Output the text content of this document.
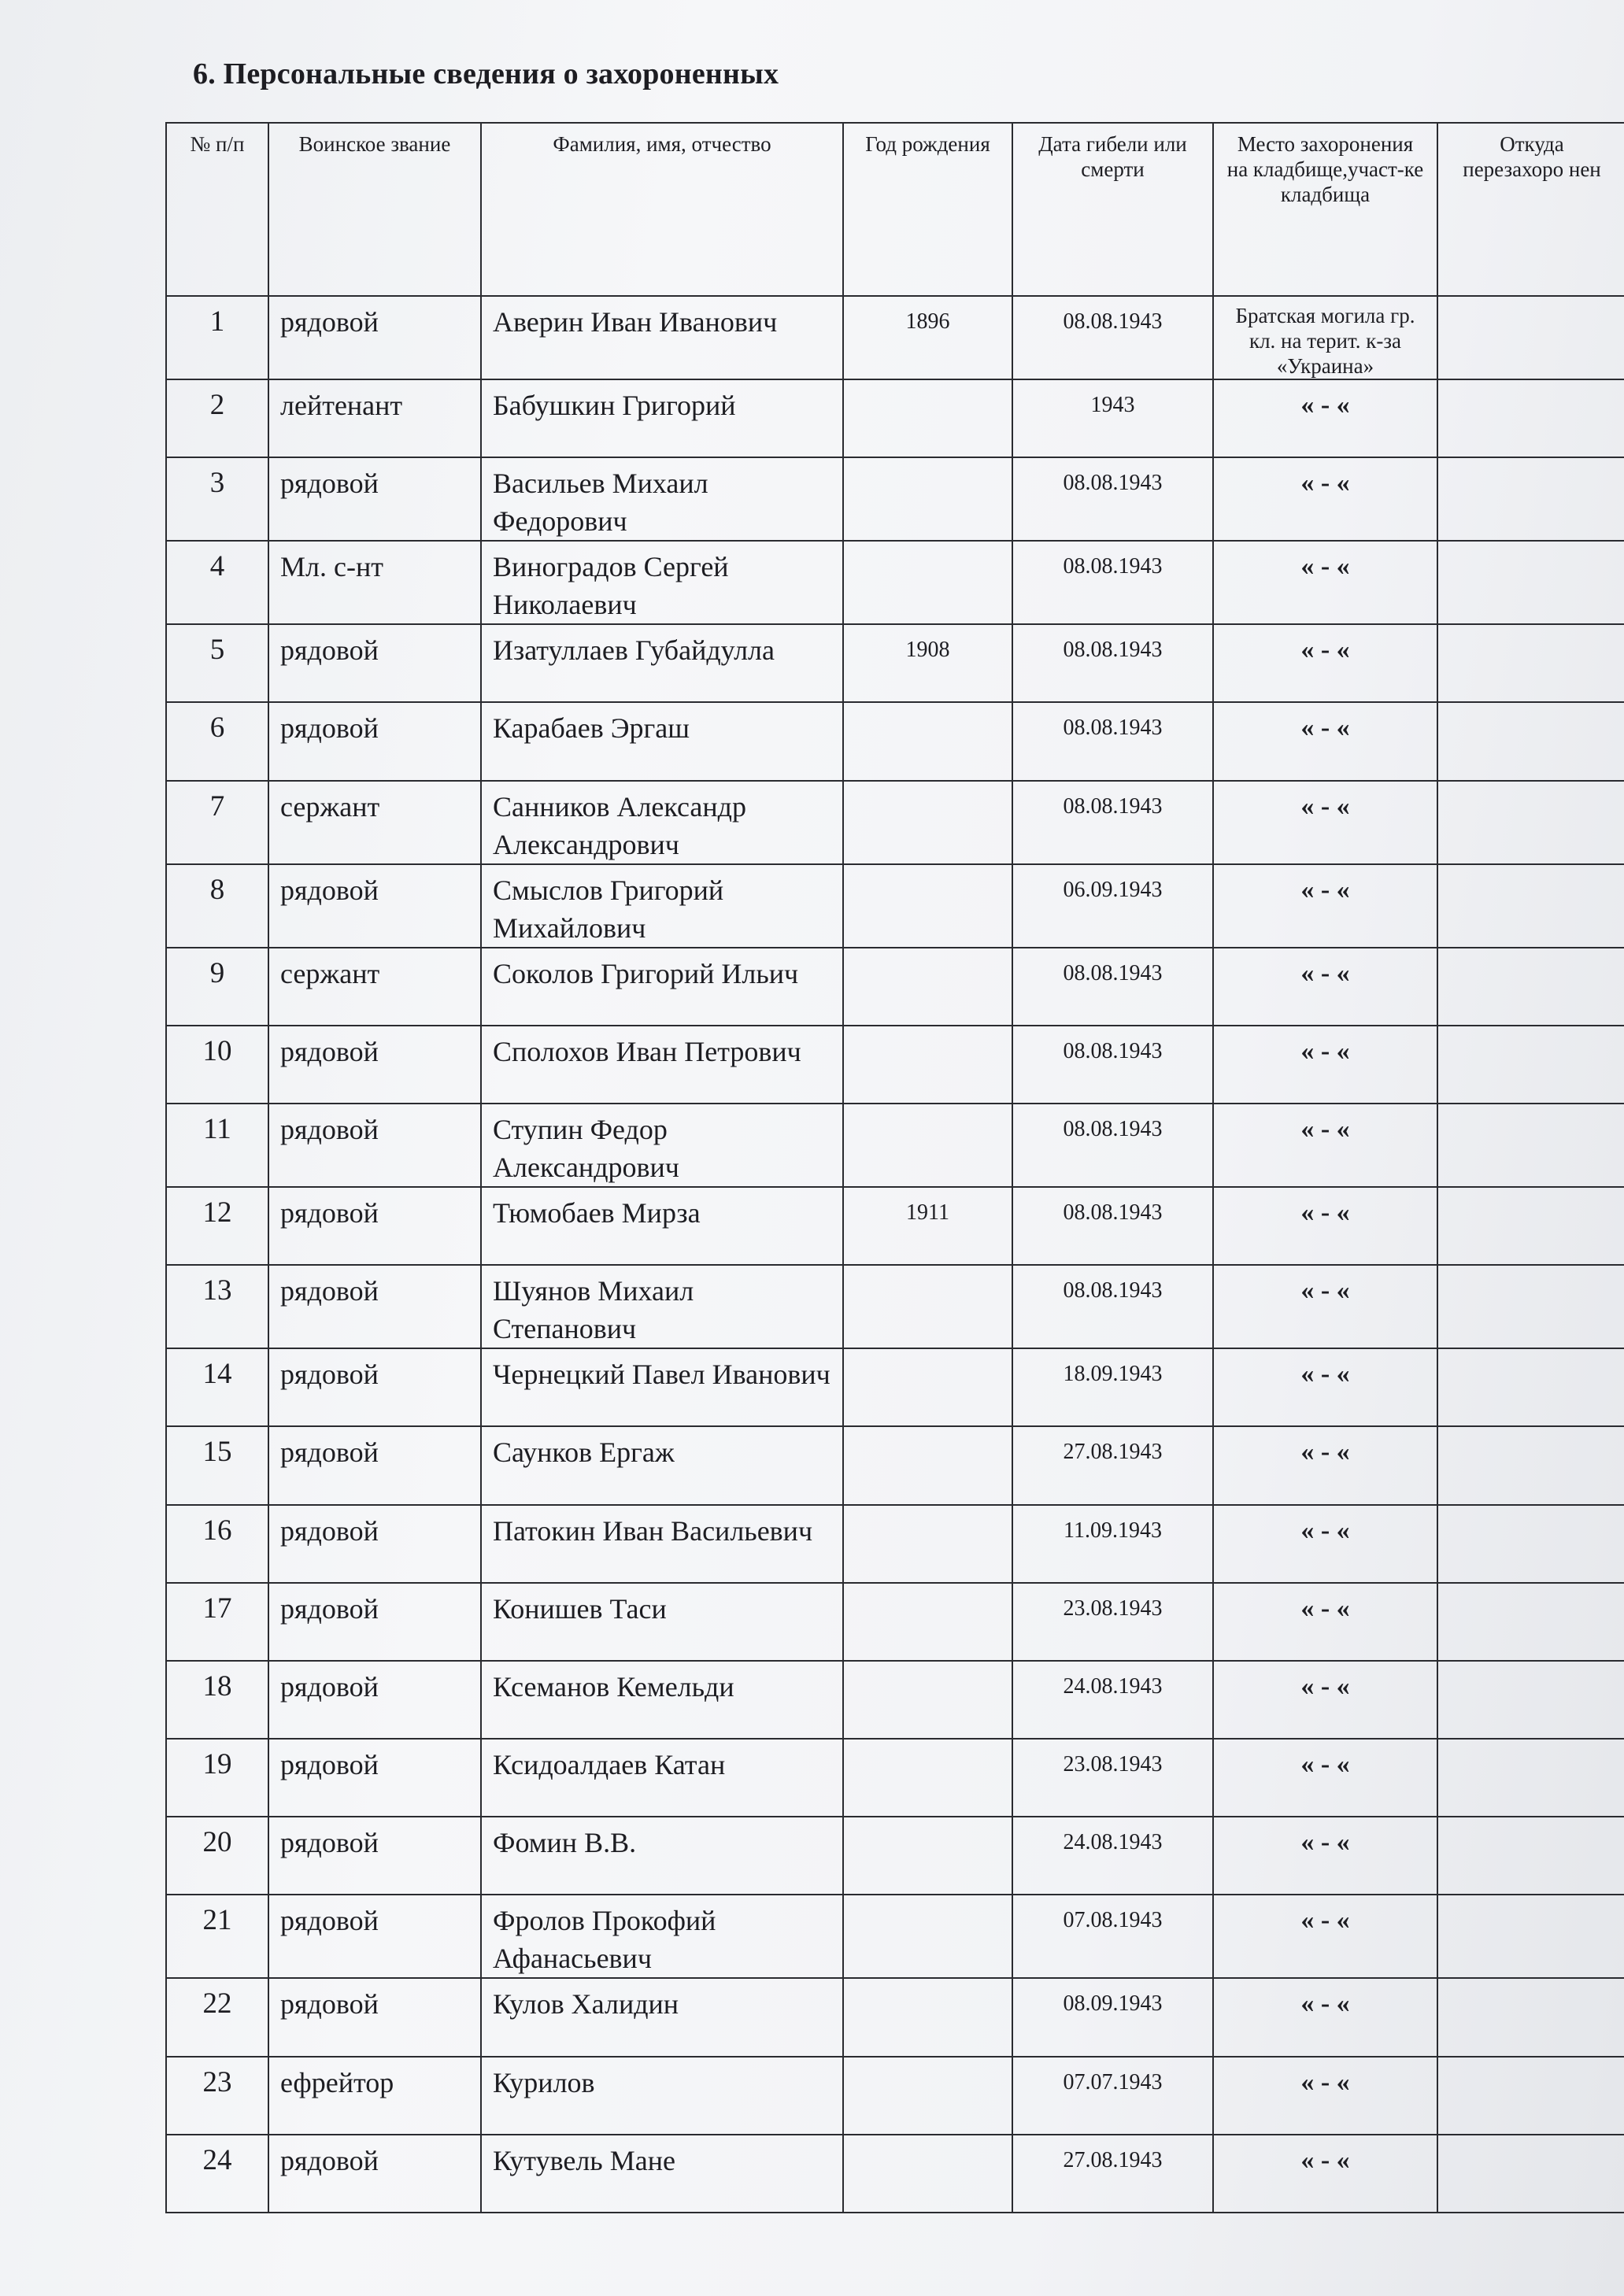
6. Персональные сведения о захороненных
№ п/п	Воинское звание	Фамилия, имя, отчество	Год рождения	Дата гибели или смерти	Место захоронения на кладбище,участ-ке кладбища	Откуда перезахоро нен
1	рядовой	Аверин Иван Иванович	1896	08.08.1943	Братская могила гр. кл. на терит. к-за «Украина»	
2	лейтенант	Бабушкин Григорий		1943	« - «	
3	рядовой	Васильев Михаил Федорович		08.08.1943	« - «	
4	Мл. с-нт	Виноградов Сергей Николаевич		08.08.1943	« - «	
5	рядовой	Изатуллаев Губайдулла	1908	08.08.1943	« - «	
6	рядовой	Карабаев Эргаш		08.08.1943	« - «	
7	сержант	Санников Александр Александрович		08.08.1943	« - «	
8	рядовой	Смыслов Григорий Михайлович		06.09.1943	« - «	
9	сержант	Соколов Григорий Ильич		08.08.1943	« - «	
10	рядовой	Сполохов Иван Петрович		08.08.1943	« - «	
11	рядовой	Ступин Федор Александрович		08.08.1943	« - «	
12	рядовой	Тюмобаев Мирза	1911	08.08.1943	« - «	
13	рядовой	Шуянов Михаил Степанович		08.08.1943	« - «	
14	рядовой	Чернецкий Павел Иванович		18.09.1943	« - «	
15	рядовой	Саунков Ергаж		27.08.1943	« - «	
16	рядовой	Патокин Иван Васильевич		11.09.1943	« - «	
17	рядовой	Конишев Таси		23.08.1943	« - «	
18	рядовой	Ксеманов Кемельди		24.08.1943	« - «	
19	рядовой	Ксидоалдаев Катан		23.08.1943	« - «	
20	рядовой	Фомин В.В.		24.08.1943	« - «	
21	рядовой	Фролов Прокофий Афанасьевич		07.08.1943	« - «	
22	рядовой	Кулов Халидин		08.09.1943	« - «	
23	ефрейтор	Курилов		07.07.1943	« - «	
24	рядовой	Кутувель Мане		27.08.1943	« - «	
